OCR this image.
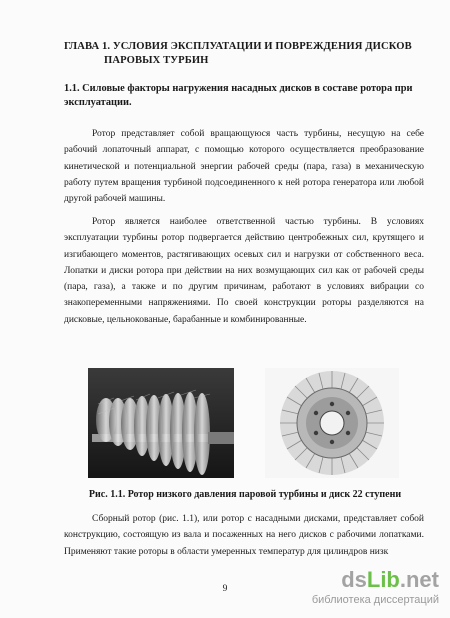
ГЛАВА 1. УСЛОВИЯ ЭКСПЛУАТАЦИИ И ПОВРЕЖДЕНИЯ ДИСКОВ
ПАРОВЫХ ТУРБИН
1.1. Силовые факторы нагружения насадных дисков в составе ротора при эксплуатации.

Ротор представляет собой вращающуюся часть турбины, несущую на себе рабочий лопаточный аппарат, с помощью которого осуществляется преобразование кинетической и потенциальной энергии рабочей среды (пара, газа) в механическую работу путем вращения турбиной подсоединенного к ней ротора генератора или любой другой рабочей машины.

Ротор является наиболее ответственной частью турбины. В условиях эксплуатации турбины ротор подвергается действию центробежных сил, крутящего и изгибающего моментов, растягивающих осевых сил и нагрузки от собственного веса. Лопатки и диски ротора при действии на них возмущающих сил как от рабочей среды (пара, газа), а также и по другим причинам, работают в условиях вибрации со знакопеременными напряжениями. По своей конструкции роторы разделяются на дисковые, цельнокованые, барабанные и комбинированные.

Рис. 1.1. Ротор низкого давления паровой турбины и диск 22 ступени

Сборный ротор (рис. 1.1), или ротор с насадными дисками, представляет собой конструкцию, состоящую из вала и посаженных на него дисков с рабочими лопатками. Применяют такие роторы в области умеренных температур для цилиндров низк

9	dsLib.net
библиотека диссертаций
